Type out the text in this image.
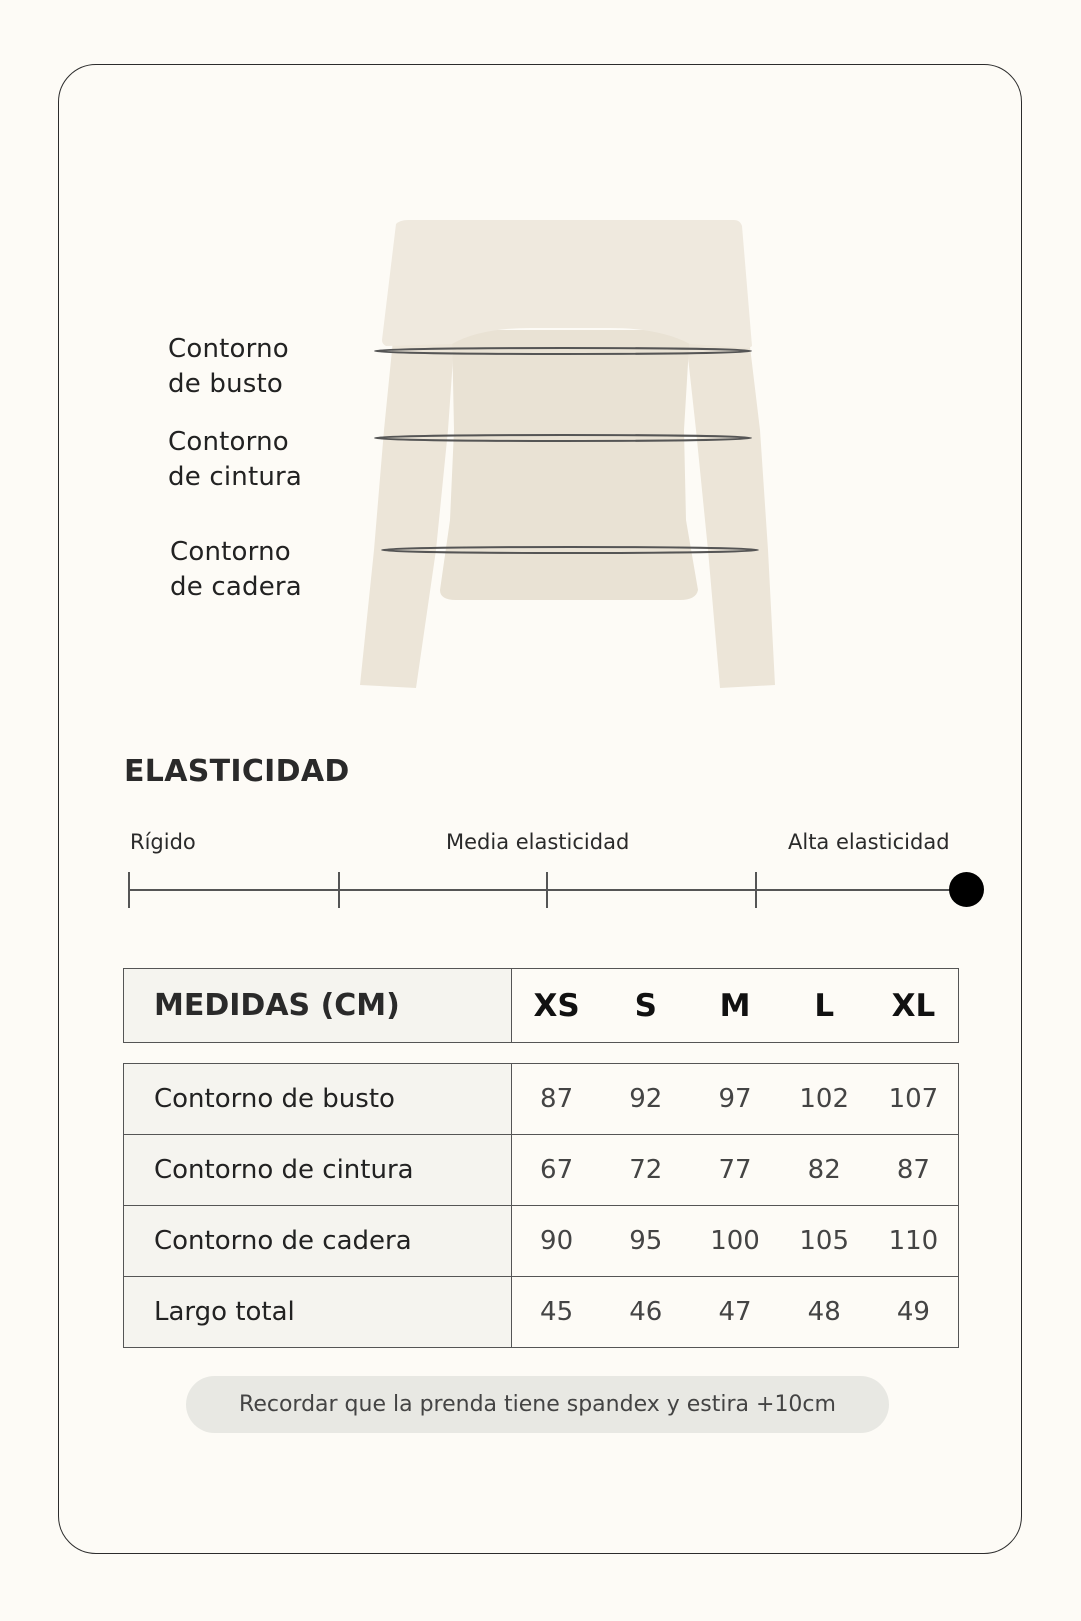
Contorno
de busto
Contorno
de cintura
Contorno
de cadera
ELASTICIDAD
Rígido	Media elasticidad	Alta elasticidad
MEDIDAS (CM)	XS	S	M	L	XL
Contorno de busto	87 92 97 102 107

Contorno de cintura	67 72 77 82 87

Contorno de cadera	90 95 100 105 110

Largo total	45 46 47 48 49
Recordar que la prenda tiene spandex y estira +10cm
